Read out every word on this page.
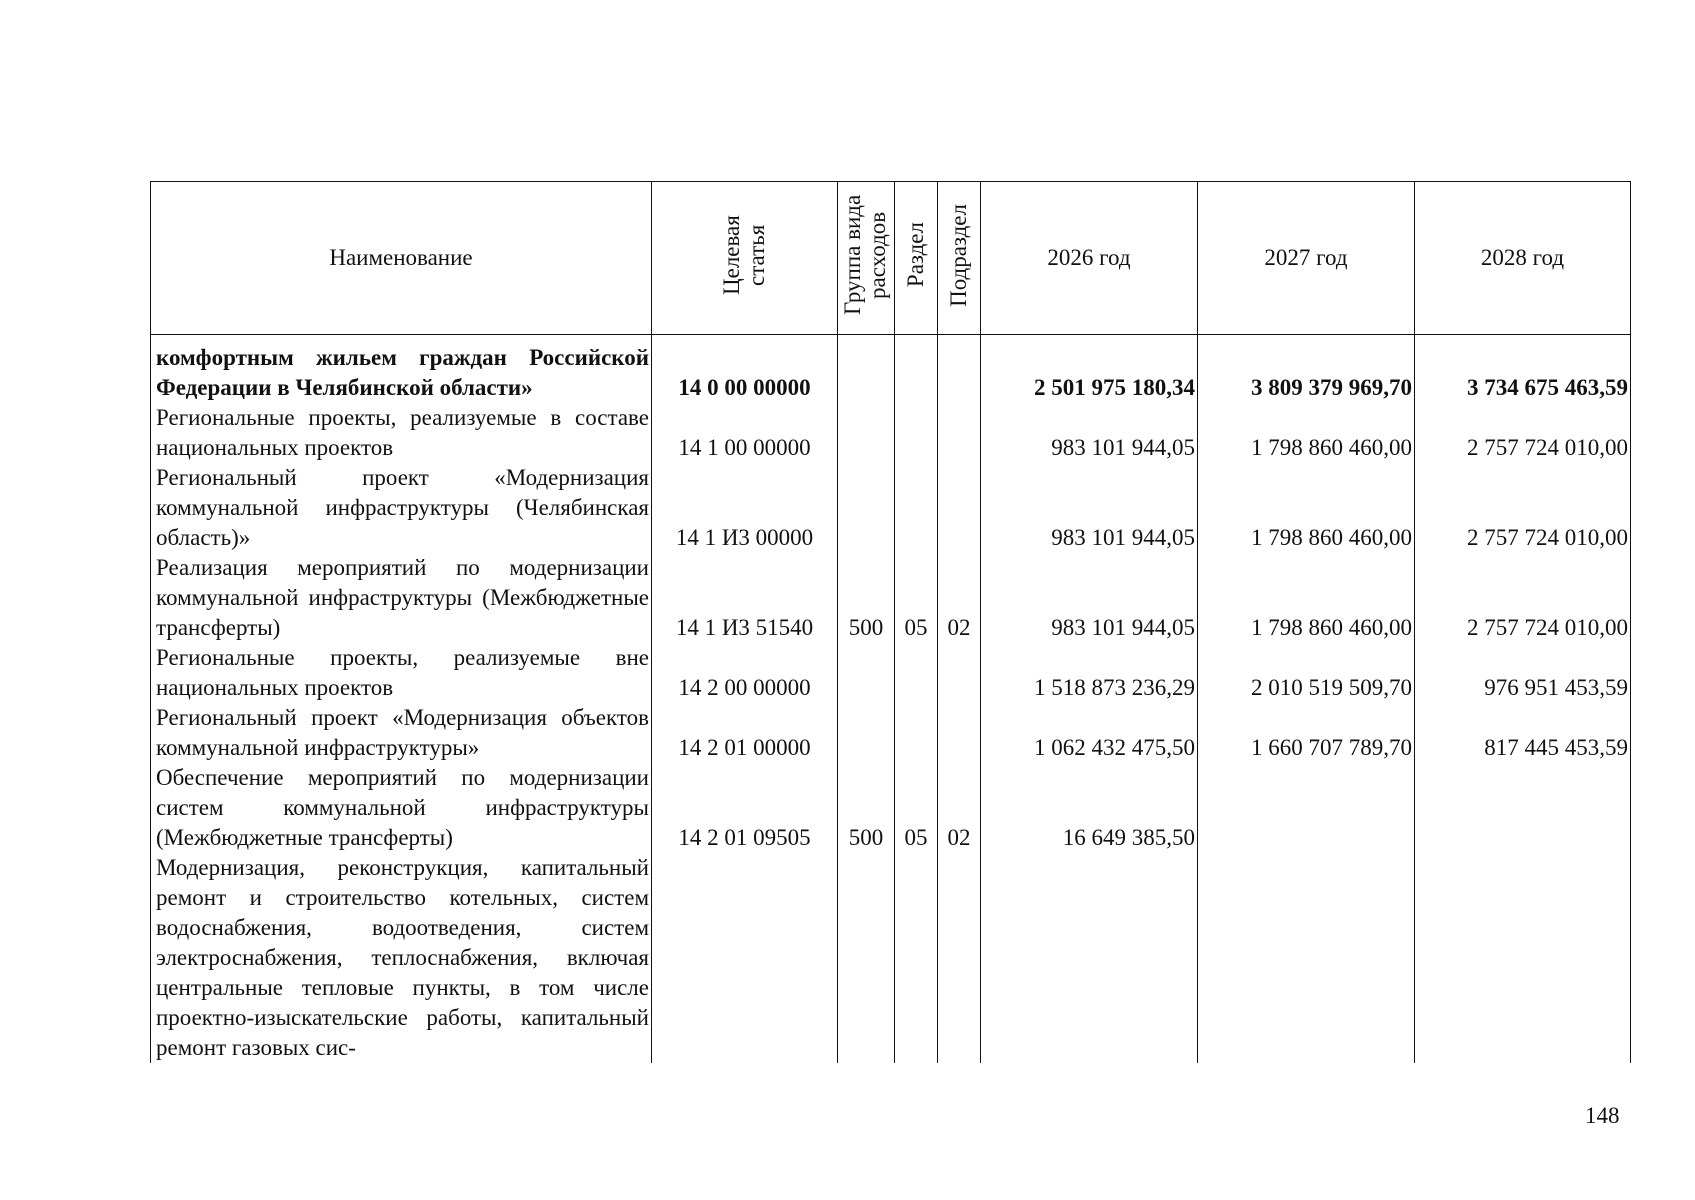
Наименование	Целевая статья	Группа вида расходов	Раздел	Подраздел	2026 год	2027 год	2028 год

комфортным жильем граждан Российской Федерации в Челябинской области»	14 0 00 00000				2 501 975 180,34	3 809 379 969,70	3 734 675 463,59
Региональные проекты, реализуемые в составе национальных проектов	14 1 00 00000				983 101 944,05	1 798 860 460,00	2 757 724 010,00
Региональный проект «Модернизация коммунальной инфраструктуры (Челябинская область)»	14 1 И3 00000				983 101 944,05	1 798 860 460,00	2 757 724 010,00
Реализация мероприятий по модернизации коммунальной инфраструктуры (Межбюджетные трансферты)	14 1 И3 51540	500	05	02	983 101 944,05	1 798 860 460,00	2 757 724 010,00
Региональные проекты, реализуемые вне национальных проектов	14 2 00 00000				1 518 873 236,29	2 010 519 509,70	976 951 453,59
Региональный проект «Модернизация объектов коммунальной инфраструктуры»	14 2 01 00000				1 062 432 475,50	1 660 707 789,70	817 445 453,59
Обеспечение мероприятий по модернизации систем коммунальной инфраструктуры (Межбюджетные трансферты)	14 2 01 09505	500	05	02	16 649 385,50		
Модернизация, реконструкция, капитальный ремонт и строительство котельных, систем водоснабжения, водоотведения, систем электроснабжения, теплоснабжения, включая центральные тепловые пункты, в том числе проектно-изыскательские работы, капитальный ремонт газовых сис-							
148
